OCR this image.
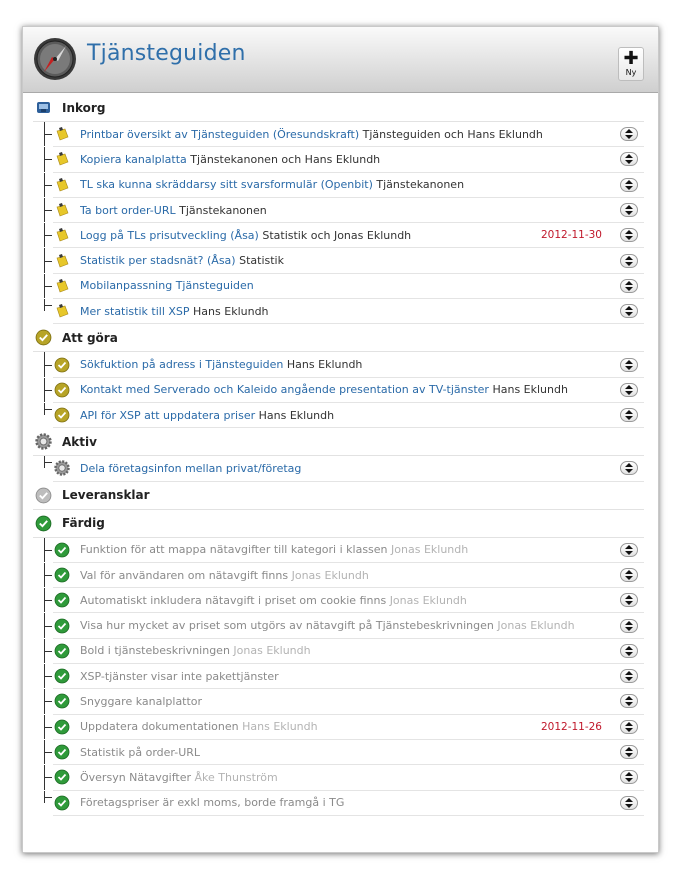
Tjänsteguiden	✚
Ny
Inkorg
Printbar översikt av Tjänsteguiden (Öresundskraft) Tjänsteguiden och Hans Eklundh
Kopiera kanalplatta Tjänstekanonen och Hans Eklundh
TL ska kunna skräddarsy sitt svarsformulär (Openbit) Tjänstekanonen
Ta bort order-URL Tjänstekanonen
Logg på TLs prisutveckling (Åsa) Statistik och Jonas Eklundh	2012-11-30
Statistik per stadsnät? (Åsa) Statistik
Mobilanpassning Tjänsteguiden
Mer statistik till XSP Hans Eklundh
Att göra
Sökfuktion på adress i Tjänsteguiden Hans Eklundh
Kontakt med Serverado och Kaleido angående presentation av TV-tjänster Hans Eklundh
API för XSP att uppdatera priser Hans Eklundh
Aktiv
Dela företagsinfon mellan privat/företag
Leveransklar
Färdig
Funktion för att mappa nätavgifter till kategori i klassen Jonas Eklundh
Val för användaren om nätavgift finns Jonas Eklundh
Automatiskt inkludera nätavgift i priset om cookie finns Jonas Eklundh
Visa hur mycket av priset som utgörs av nätavgift på Tjänstebeskrivningen Jonas Eklundh
Bold i tjänstebeskrivningen Jonas Eklundh
XSP-tjänster visar inte pakettjänster
Snyggare kanalplattor
Uppdatera dokumentationen Hans Eklundh	2012-11-26
Statistik på order-URL
Översyn Nätavgifter Åke Thunström
Företagspriser är exkl moms, borde framgå i TG
